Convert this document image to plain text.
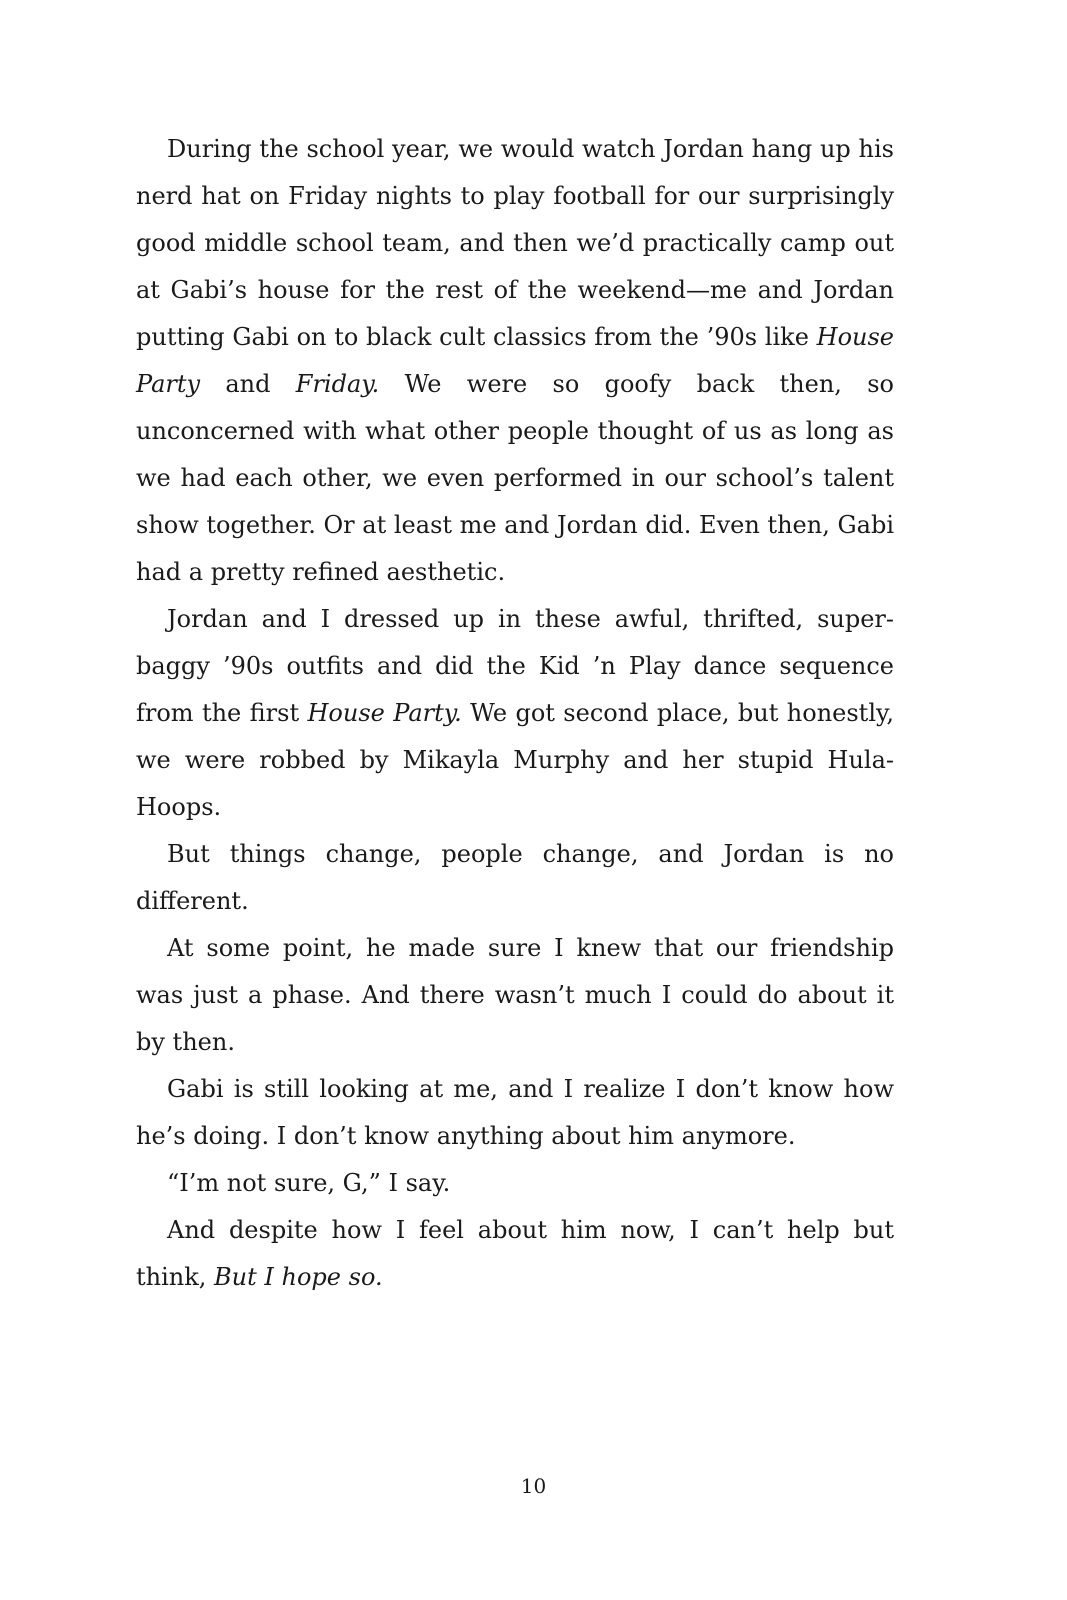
During the school year, we would watch Jordan hang up his nerd hat on Friday nights to play football for our surprisingly good middle school team, and then we’d practically camp out at Gabi’s house for the rest of the weekend—me and Jordan putting Gabi on to black cult classics from the ’90s like House Party and Friday. We were so goofy back then, so unconcerned with what other people thought of us as long as we had each other, we even performed in our school’s talent show together. Or at least me and Jordan did. Even then, Gabi had a pretty refined aesthetic.

Jordan and I dressed up in these awful, thrifted, super-baggy ’90s outfits and did the Kid ’n Play dance sequence from the first House Party. We got second place, but honestly, we were robbed by Mikayla Murphy and her stupid Hula-Hoops.

But things change, people change, and Jordan is no different.

At some point, he made sure I knew that our friendship was just a phase. And there wasn’t much I could do about it by then.

Gabi is still looking at me, and I realize I don’t know how he’s doing. I don’t know anything about him anymore.

“I’m not sure, G,” I say.

And despite how I feel about him now, I can’t help but think, But I hope so.

10
